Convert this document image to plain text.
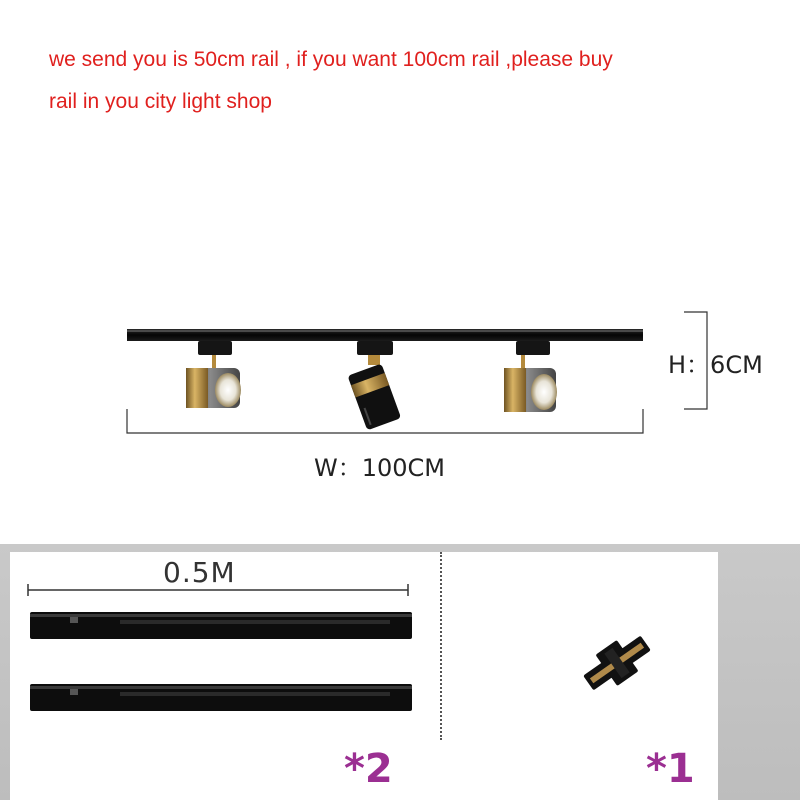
we send you is 50cm rail , if you want 100cm rail ,please buy
rail in you city light shop
H：6CM
W：100CM
0.5M
*2	*1
